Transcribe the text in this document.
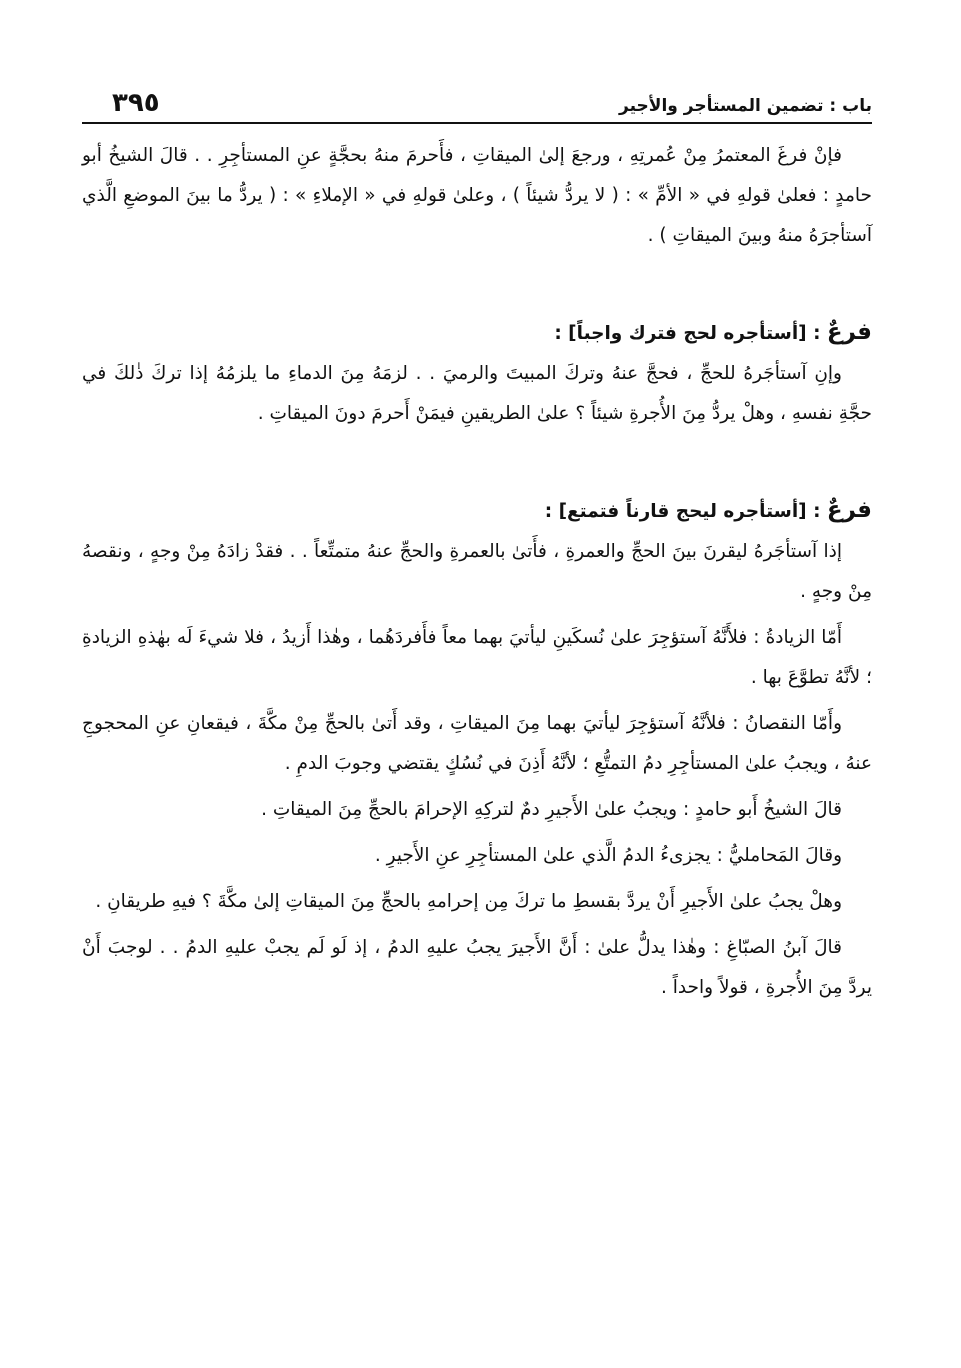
باب : تضمين المستأجر والأجير
٣٩٥

فإنْ فرغَ المعتمرُ مِنْ عُمرتِهِ ، ورجعَ إلىٰ الميقاتِ ، فأَحرمَ منهُ بحجَّةٍ عنِ المستأجِرِ . . قالَ الشيخُ أبو حامدٍ : فعلىٰ قولهِ في « الأمِّ » : ( لا يردُّ شيئاً ) ، وعلىٰ قولهِ في « الإملاءِ » : ( يردُّ ما بينَ الموضعِ الَّذي آستأجرَهُ منهُ وبينَ الميقاتِ ) .

فرعٌ : [أستأجره لحج فترك واجباً] :

وإنِ آستأجَرهُ للحجِّ ، فحجَّ عنهُ وتركَ المبيتَ والرميَ . . لزمَهُ مِنَ الدماءِ ما يلزمُهُ إذا تركَ ذٰلكَ في حجَّةِ نفسهِ ، وهلْ يردُّ مِنَ الأُجرةِ شيئاً ؟ علىٰ الطريقينِ فيمَنْ أَحرمَ دونَ الميقاتِ .

فرعٌ : [أستأجره ليحج قارناً فتمتع] :

إذا آستأجَرهُ ليقرنَ بينَ الحجِّ والعمرةِ ، فأَتىٰ بالعمرةِ والحجِّ عنهُ متمتِّعاً . . فقدْ زادَهُ مِنْ وجهٍ ، ونقصهُ مِنْ وجهٍ .

أَمّا الزيادةُ : فلأَنَّهُ آستؤجِرَ علىٰ نُسكَينِ ليأتيَ بهما معاً فأَفردَهُما ، وهٰذا أَزيدُ ، فلا شيءَ لَه بهٰذهِ الزيادةِ ؛ لأنَّهُ تطوَّعَ بها .

وأَمّا النقصانُ : فلأنَّهُ آستؤجِرَ ليأتيَ بهما مِنَ الميقاتِ ، وقد أَتىٰ بالحجِّ مِنْ مكَّةَ ، فيقعانِ عنِ المحجوجِ عنهُ ، ويجبُ علىٰ المستأجِرِ دمُ التمتُّعِ ؛ لأنَّهُ أَذِنَ في نُسُكٍ يقتضي وجوبَ الدمِ .

قالَ الشيخُ أَبو حامدٍ : ويجبُ علىٰ الأَجيرِ دمٌ لتركِهِ الإحرامَ بالحجِّ مِنَ الميقاتِ .

وقالَ المَحامليُّ : يجزىءُ الدمُ الَّذي علىٰ المستأجِرِ عنِ الأَجيرِ .

وهلْ يجبُ علىٰ الأَجيرِ أَنْ يردَّ بقسطِ ما تركَ مِن إحرامهِ بالحجِّ مِنَ الميقاتِ إلىٰ مكَّةَ ؟ فيهِ طريقانِ .

قالَ آبنُ الصبّاغِ : وهٰذا يدلُّ علىٰ : أَنَّ الأَجيرَ يجبُ عليهِ الدمُ ، إذ لَو لَم يجبْ عليهِ الدمُ . . لوجبَ أَنْ يردَّ مِنَ الأُجرةِ ، قولاً واحداً .
